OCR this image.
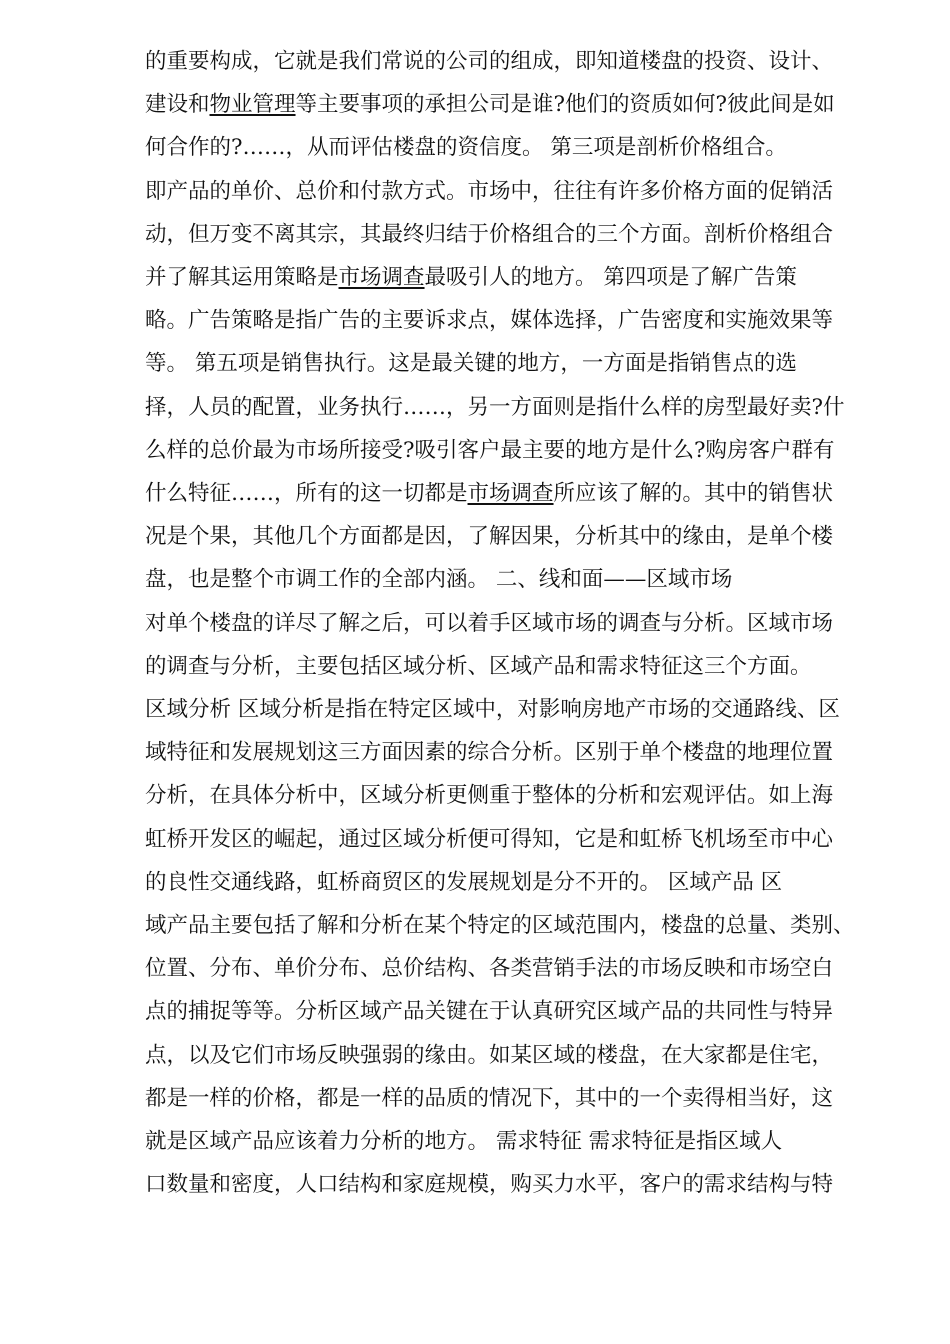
的重要构成，它就是我们常说的公司的组成，即知道楼盘的投资、设计、
建设和物业管理等主要事项的承担公司是谁?他们的资质如何?彼此间是如
何合作的?……，从而评估楼盘的资信度。 第三项是剖析价格组合。
即产品的单价、总价和付款方式。市场中，往往有许多价格方面的促销活
动，但万变不离其宗，其最终归结于价格组合的三个方面。剖析价格组合
并了解其运用策略是市场调查最吸引人的地方。 第四项是了解广告策
略。广告策略是指广告的主要诉求点，媒体选择，广告密度和实施效果等
等。 第五项是销售执行。这是最关键的地方，一方面是指销售点的选
择，人员的配置，业务执行……，另一方面则是指什么样的房型最好卖?什
么样的总价最为市场所接受?吸引客户最主要的地方是什么?购房客户群有
什么特征……，所有的这一切都是市场调查所应该了解的。其中的销售状
况是个果，其他几个方面都是因，了解因果，分析其中的缘由，是单个楼
盘，也是整个市调工作的全部内涵。 二、线和面——区域市场
对单个楼盘的详尽了解之后，可以着手区域市场的调查与分析。区域市场
的调查与分析，主要包括区域分析、区域产品和需求特征这三个方面。
区域分析 区域分析是指在特定区域中，对影响房地产市场的交通路线、区
域特征和发展规划这三方面因素的综合分析。区别于单个楼盘的地理位置
分析，在具体分析中，区域分析更侧重于整体的分析和宏观评估。如上海
虹桥开发区的崛起，通过区域分析便可得知，它是和虹桥飞机场至市中心
的良性交通线路，虹桥商贸区的发展规划是分不开的。 区域产品 区
域产品主要包括了解和分析在某个特定的区域范围内，楼盘的总量、类别、
位置、分布、单价分布、总价结构、各类营销手法的市场反映和市场空白
点的捕捉等等。分析区域产品关键在于认真研究区域产品的共同性与特异
点，以及它们市场反映强弱的缘由。如某区域的楼盘，在大家都是住宅，
都是一样的价格，都是一样的品质的情况下，其中的一个卖得相当好，这
就是区域产品应该着力分析的地方。 需求特征 需求特征是指区域人
口数量和密度，人口结构和家庭规模，购买力水平，客户的需求结构与特
